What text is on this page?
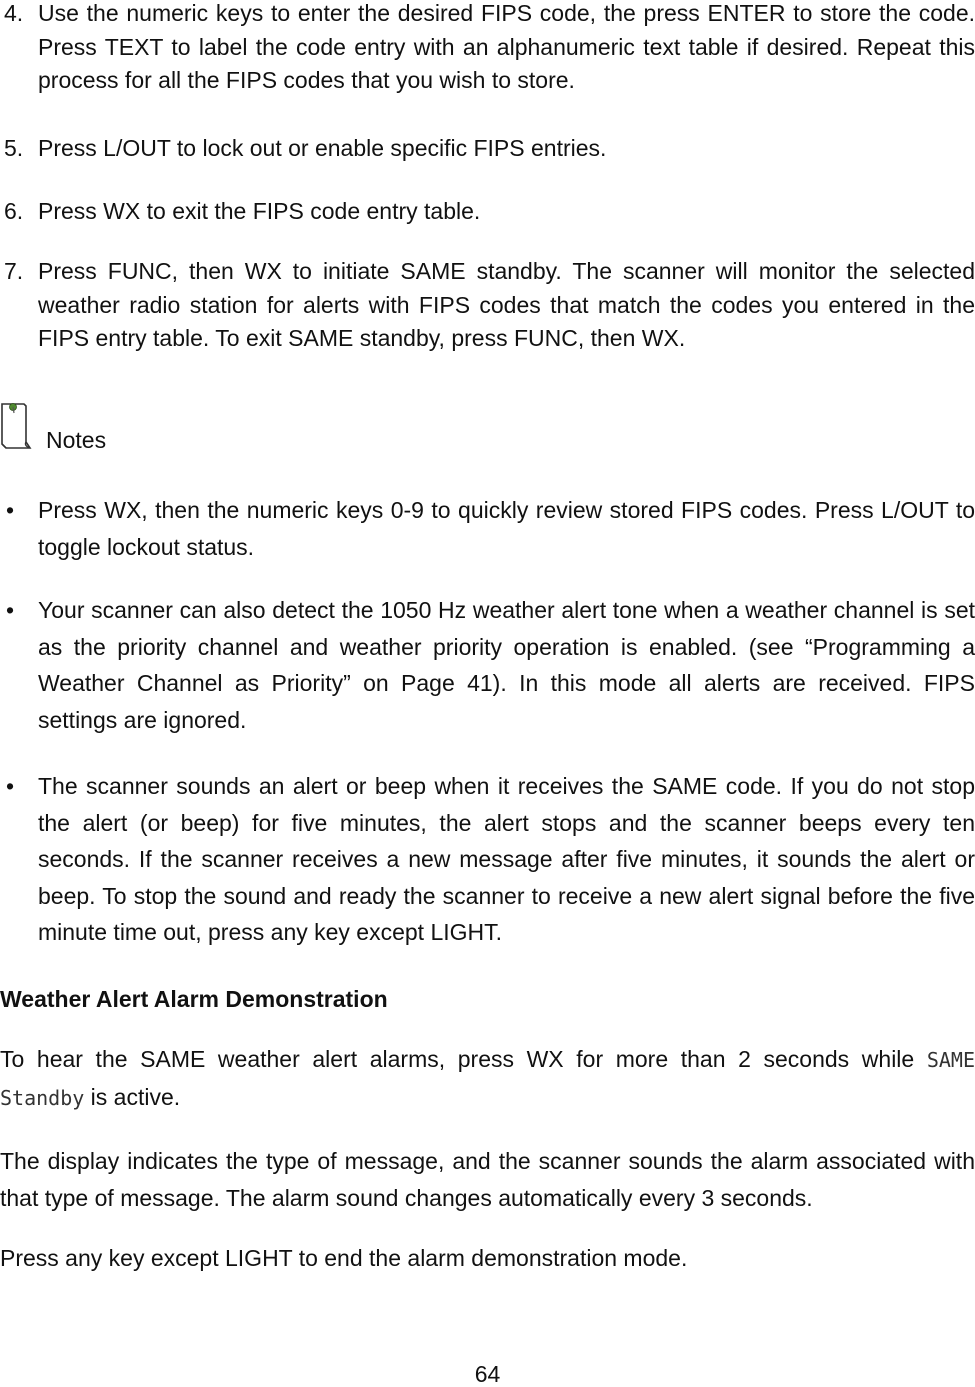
4. Use the numeric keys to enter the desired FIPS code, the press ENTER to store the code. Press TEXT to label the code entry with an alphanumeric text table if desired. Repeat this process for all the FIPS codes that you wish to store.
5. Press L/OUT to lock out or enable specific FIPS entries.
6. Press WX to exit the FIPS code entry table.
7. Press FUNC, then WX to initiate SAME standby. The scanner will monitor the selected weather radio station for alerts with FIPS codes that match the codes you entered in the FIPS entry table. To exit SAME standby, press FUNC, then WX.
Notes
• Press WX, then the numeric keys 0-9 to quickly review stored FIPS codes. Press L/OUT to toggle lockout status.
• Your scanner can also detect the 1050 Hz weather alert tone when a weather channel is set as the priority channel and weather priority operation is enabled. (see “Programming a Weather Channel as Priority” on Page 41). In this mode all alerts are received. FIPS settings are ignored.
• The scanner sounds an alert or beep when it receives the SAME code. If you do not stop the alert (or beep) for five minutes, the alert stops and the scanner beeps every ten seconds. If the scanner receives a new message after five minutes, it sounds the alert or beep. To stop the sound and ready the scanner to receive a new alert signal before the five minute time out, press any key except LIGHT.
Weather Alert Alarm Demonstration
To hear the SAME weather alert alarms, press WX for more than 2 seconds while SAME Standby is active.
The display indicates the type of message, and the scanner sounds the alarm associated with that type of message. The alarm sound changes automatically every 3 seconds.
Press any key except LIGHT to end the alarm demonstration mode.
64
